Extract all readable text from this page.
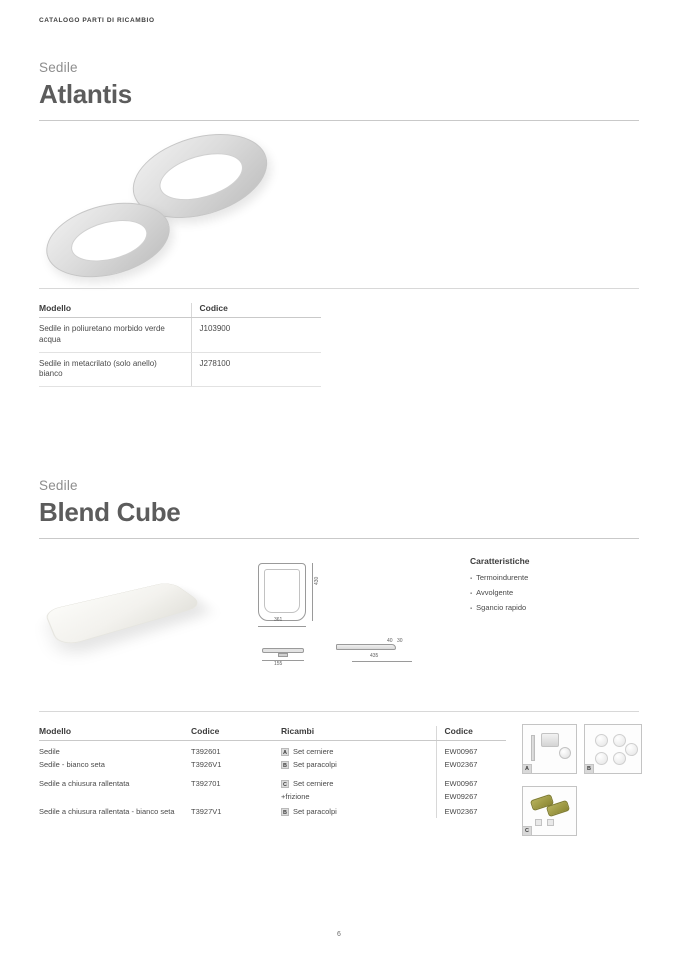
CATALOGO PARTI DI RICAMBIO
Sedile
Atlantis
Modello	Codice
Sedile in poliuretano morbido verde acqua	J103900
Sedile in metacrilato (solo anello) bianco	J278100
Sedile
Blend Cube
430
361
155
435
40 30
Caratteristiche
▪ Termoindurente
▪ Avvolgente
▪ Sgancio rapido
Modello	Codice	Ricambi	Codice
Sedile	T392601	A Set cerniere	EW00967
Sedile - bianco seta	T3926V1	B Set paracolpi	EW02367
Sedile a chiusura rallentata	T392701	C Set cerniere	EW00967
		+frizione	EW09267
Sedile a chiusura rallentata - bianco seta	T3927V1	B Set paracolpi	EW02367
A	B
C
6
